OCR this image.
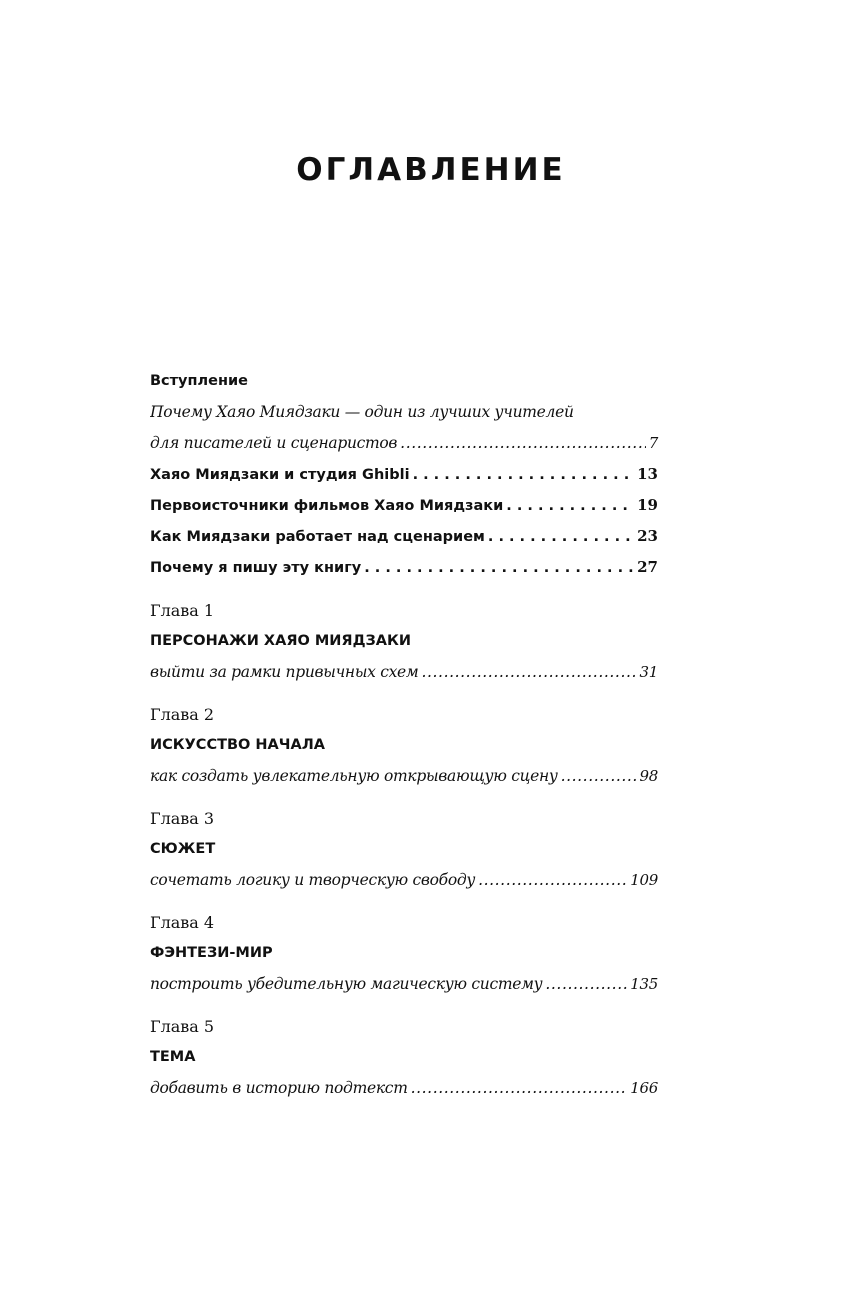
ОГЛАВЛЕНИЕ
Вступление
Почему Хаяо Миядзаки — один из лучших учителей
для писателей и сценаристов .....	7
Хаяо Миядзаки и студия Ghibli . . .	13
Первоисточники фильмов Хаяо Миядзаки . . .	19
Как Миядзаки работает над сценарием . . .	23
Почему я пишу эту книгу . . .	27
Глава 1
ПЕРСОНАЖИ ХАЯО МИЯДЗАКИ
выйти за рамки привычных схем .....	31
Глава 2
ИСКУССТВО НАЧАЛА
как создать увлекательную открывающую сцену .....	98
Глава 3
СЮЖЕТ
сочетать логику и творческую свободу .....	109
Глава 4
ФЭНТЕЗИ-МИР
построить убедительную магическую систему .....	135
Глава 5
ТЕМА
добавить в историю подтекст .....	166
